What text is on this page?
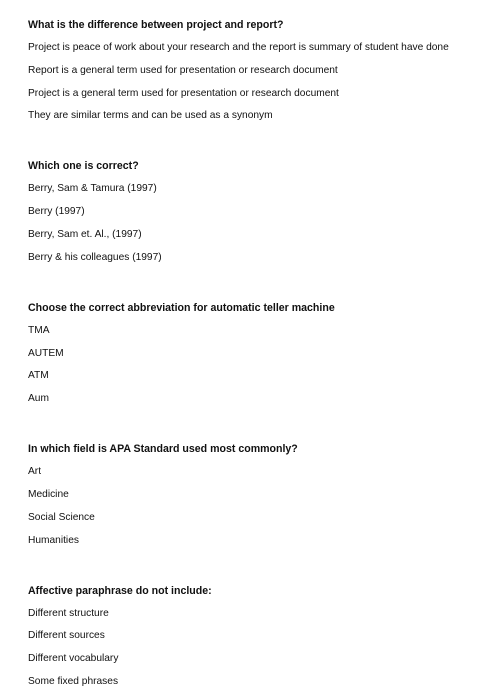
What is the difference between project and report?
Project is peace of work about your research and the report is summary of student have done
Report is a general term used for presentation or research document
Project is a general term used for presentation or research document
They are similar terms and can be used as a synonym
Which one is correct?
Berry, Sam & Tamura (1997)
Berry (1997)
Berry, Sam et. Al., (1997)
Berry & his colleagues (1997)
Choose the correct abbreviation for automatic teller machine
TMA
AUTEM
ATM
Aum
In which field is APA Standard used most commonly?
Art
Medicine
Social Science
Humanities
Affective paraphrase do not include:
Different structure
Different sources
Different vocabulary
Some fixed phrases
